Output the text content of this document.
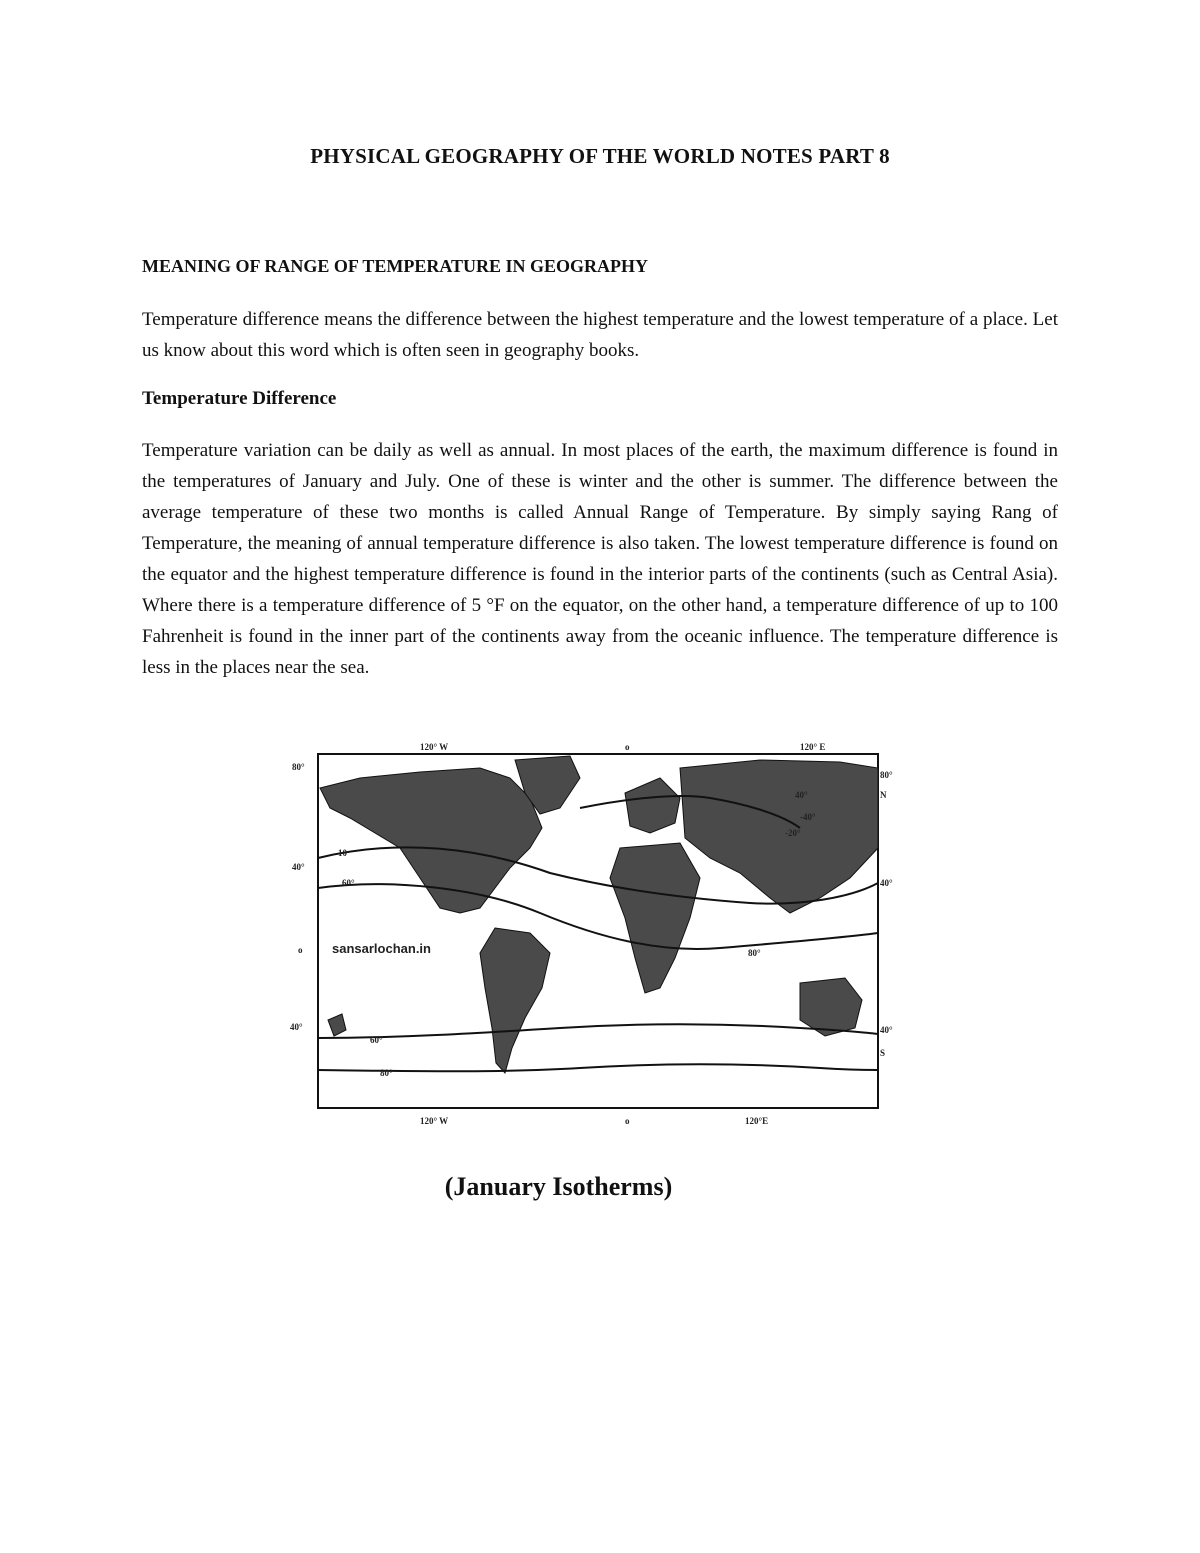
PHYSICAL GEOGRAPHY OF THE WORLD NOTES PART 8
MEANING OF RANGE OF TEMPERATURE IN GEOGRAPHY
Temperature difference means the difference between the highest temperature and the lowest temperature of a place. Let us know about this word which is often seen in geography books.
Temperature Difference
Temperature variation can be daily as well as annual. In most places of the earth, the maximum difference is found in the temperatures of January and July. One of these is winter and the other is summer. The difference between the average temperature of these two months is called Annual Range of Temperature. By simply saying Rang of Temperature, the meaning of annual temperature difference is also taken. The lowest temperature difference is found on the equator and the highest temperature difference is found in the interior parts of the continents (such as Central Asia). Where there is a temperature difference of 5 °F on the equator, on the other hand, a temperature difference of up to 100 Fahrenheit is found in the inner part of the continents away from the oceanic influence. The temperature difference is less in the places near the sea.
120° W	o	120° E
120° W	o	120°E
80°
40°
o
40°
80°
N
40°
40°
S
10
60°
40°
-40°
-20°
80°
60°
80°
sansarlochan.in
(January Isotherms)
